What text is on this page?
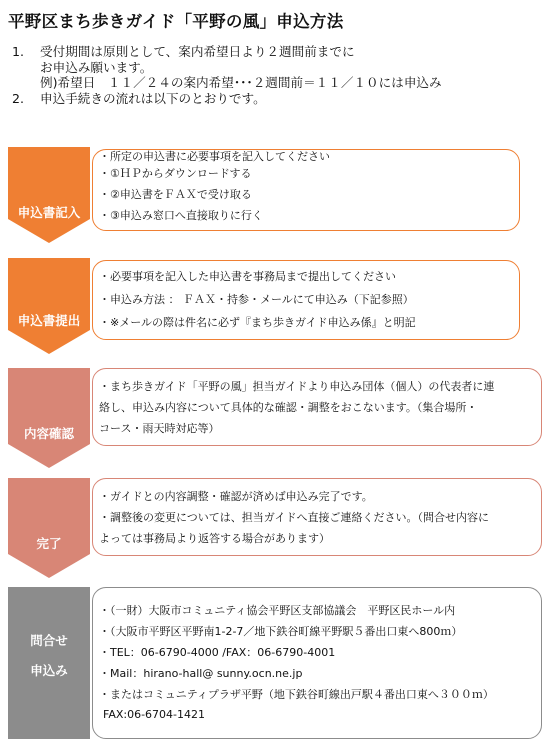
平野区まち歩きガイド「平野の風」申込方法
1.	受付期間は原則として、案内希望日より２週間前までに
お申込み願います。
例)希望日　１１／２４の案内希望･･･２週間前＝１１／１０には申込み
2.	申込手続きの流れは以下のとおりです。
申込書記入
・所定の申込書に必要事項を記入してください
・①ＨＰからダウンロードする
・②申込書をＦＡＸで受け取る
・③申込み窓口へ直接取りに行く
申込書提出
・必要事項を記入した申込書を事務局まで提出してください
・申込み方法 ： ＦＡＸ・持参・メールにて申込み（下記参照）
・※メールの際は件名に必ず『まち歩きガイド申込み係』と明記
内容確認
・まち歩きガイド「平野の風」担当ガイドより申込み団体（個人）の代表者に連
絡し、申込み内容について具体的な確認・調整をおこないます。（集合場所・
コース・雨天時対応等）
完了
・ガイドとの内容調整・確認が済めば申込み完了です。
・調整後の変更については、担当ガイドへ直接ご連絡ください。（問合せ内容に
よっては事務局より返答する場合があります）
問合せ
申込み
・（一財）大阪市コミュニティ協会平野区支部協議会　平野区民ホール内
・（大阪市平野区平野南1-2-7／地下鉄谷町線平野駅５番出口東へ800ｍ）
・TEL：06-6790-4000 /FAX：06-6790-4001
・Mail：hirano-hall@ sunny.ocn.ne.jp
・またはコミュニティプラザ平野（地下鉄谷町線出戸駅４番出口東へ３００ｍ）
FAX:06-6704-1421
